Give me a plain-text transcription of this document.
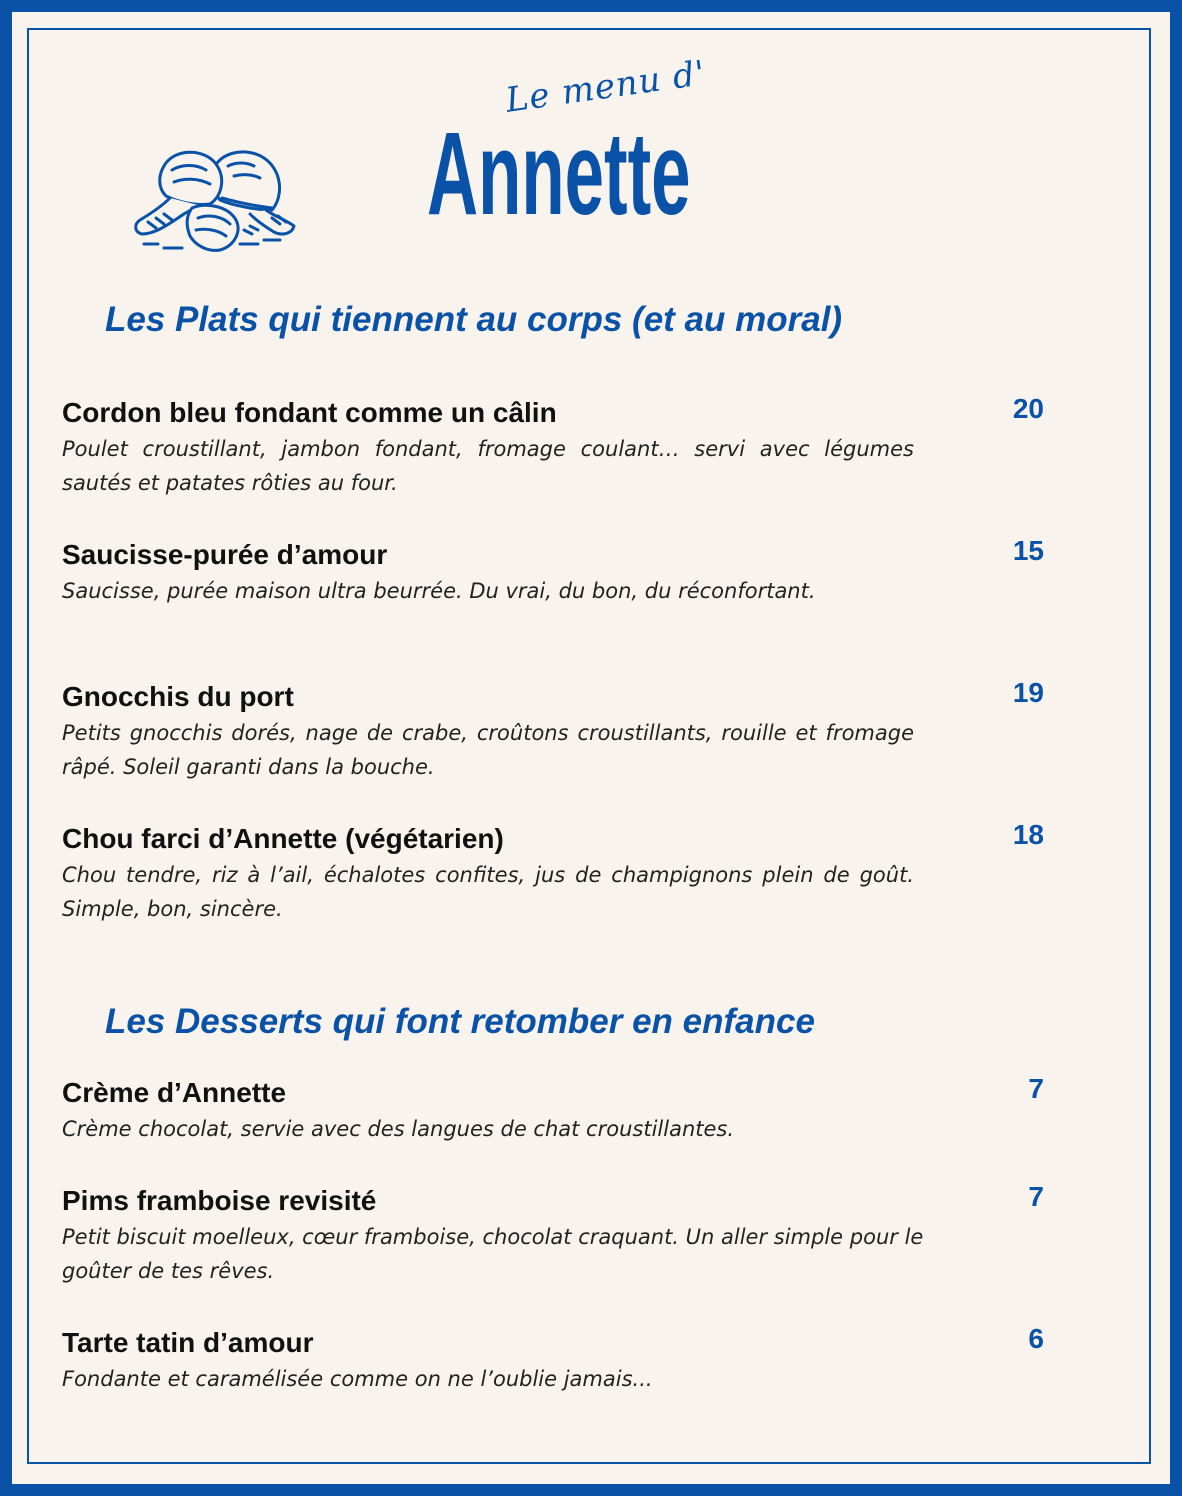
Le menu d'
Annette
Les Plats qui tiennent au corps (et au moral)
Cordon bleu fondant comme un câlin
Poulet croustillant, jambon fondant, fromage coulant… servi avec légumes sautés et patates rôties au four.
20
Saucisse-purée d’amour
Saucisse, purée maison ultra beurrée. Du vrai, du bon, du réconfortant.
15
Gnocchis du port
Petits gnocchis dorés, nage de crabe, croûtons croustillants, rouille et fromage râpé. Soleil garanti dans la bouche.
19
Chou farci d’Annette (végétarien)
Chou tendre, riz à l’ail, échalotes confites, jus de champignons plein de goût. Simple, bon, sincère.
18
Les Desserts qui font retomber en enfance
Crème d’Annette
Crème chocolat, servie avec des langues de chat croustillantes.
7
Pims framboise revisité
Petit biscuit moelleux, cœur framboise, chocolat craquant. Un aller simple pour le goûter de tes rêves.
7
Tarte tatin d’amour
Fondante et caramélisée comme on ne l’oublie jamais...
6
